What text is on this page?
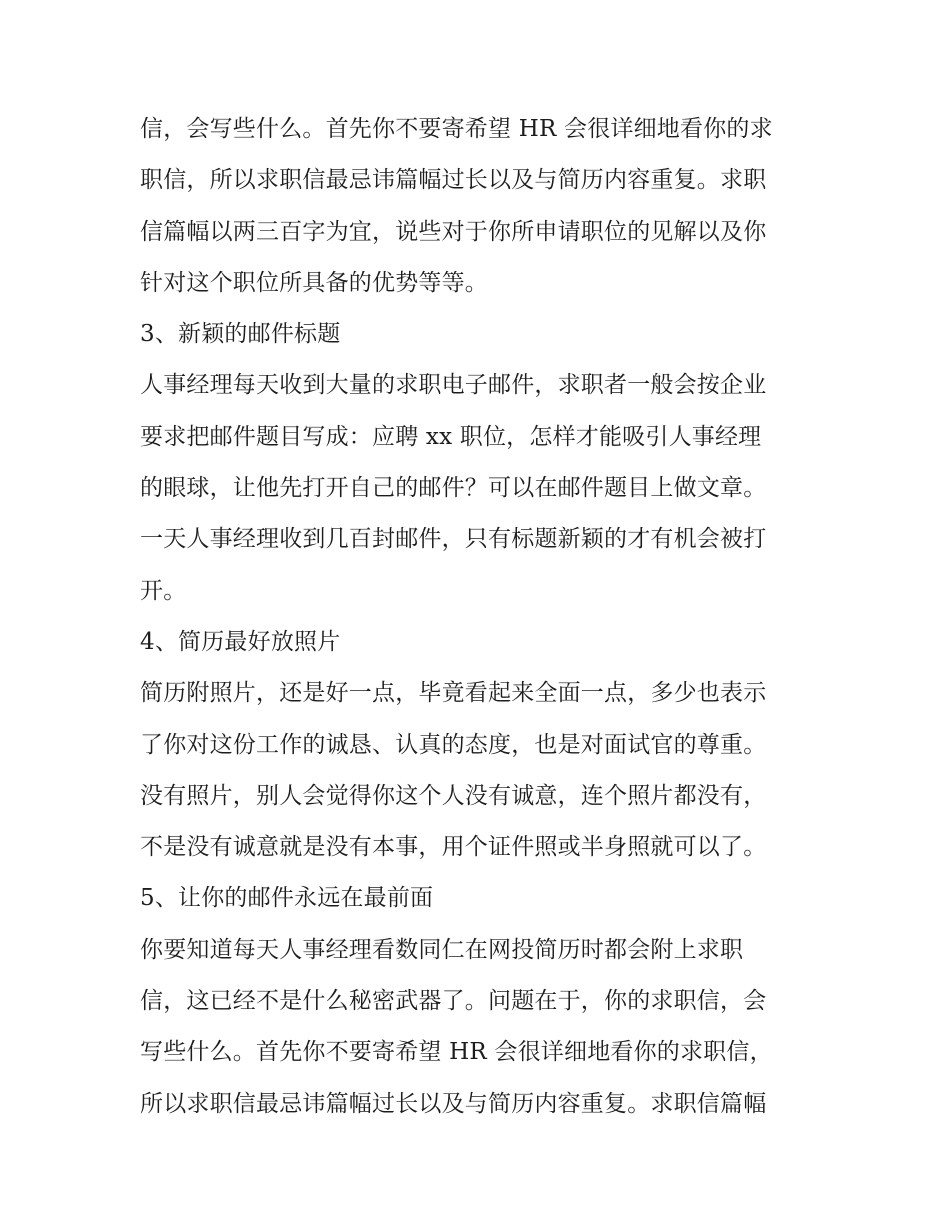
信，会写些什么。首先你不要寄希望 HR 会很详细地看你的求
职信，所以求职信最忌讳篇幅过长以及与简历内容重复。求职
信篇幅以两三百字为宜，说些对于你所申请职位的见解以及你
针对这个职位所具备的优势等等。
3、新颖的邮件标题
人事经理每天收到大量的求职电子邮件，求职者一般会按企业
要求把邮件题目写成：应聘 xx 职位，怎样才能吸引人事经理
的眼球，让他先打开自己的邮件？可以在邮件题目上做文章。
一天人事经理收到几百封邮件，只有标题新颖的才有机会被打
开。
4、简历最好放照片
简历附照片，还是好一点，毕竟看起来全面一点，多少也表示
了你对这份工作的诚恳、认真的态度，也是对面试官的尊重。
没有照片，别人会觉得你这个人没有诚意，连个照片都没有，
不是没有诚意就是没有本事，用个证件照或半身照就可以了。
5、让你的邮件永远在最前面
你要知道每天人事经理看数同仁在网投简历时都会附上求职
信，这已经不是什么秘密武器了。问题在于，你的求职信，会
写些什么。首先你不要寄希望 HR 会很详细地看你的求职信，
所以求职信最忌讳篇幅过长以及与简历内容重复。求职信篇幅
